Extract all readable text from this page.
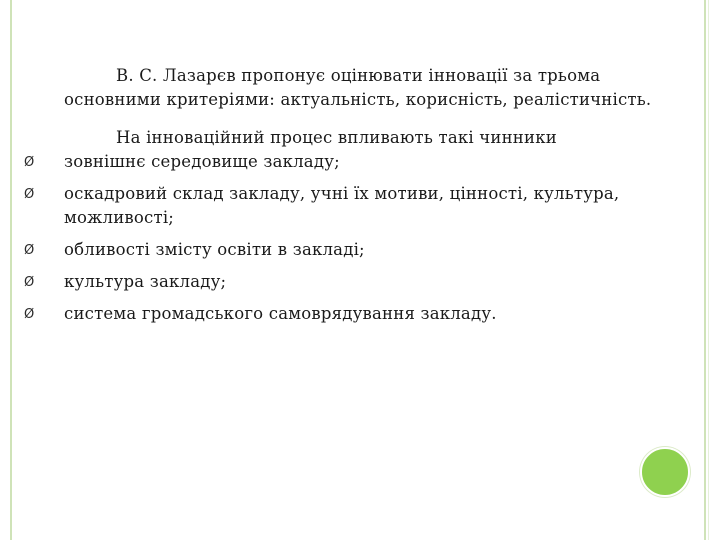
В. С. Лазарєв пропонує оцінювати інновації за трьома основними критеріями: актуальність, корисність, реалістичність.

На інноваційний процес впливають такі чинники

Ø зовнішнє середовище закладу;
Ø оскадровий склад закладу, учні їх мотиви, цінності, культура, можливості;
Ø обливості змісту освіти в закладі;
Ø культура закладу;
Ø система громадського самоврядування закладу.
